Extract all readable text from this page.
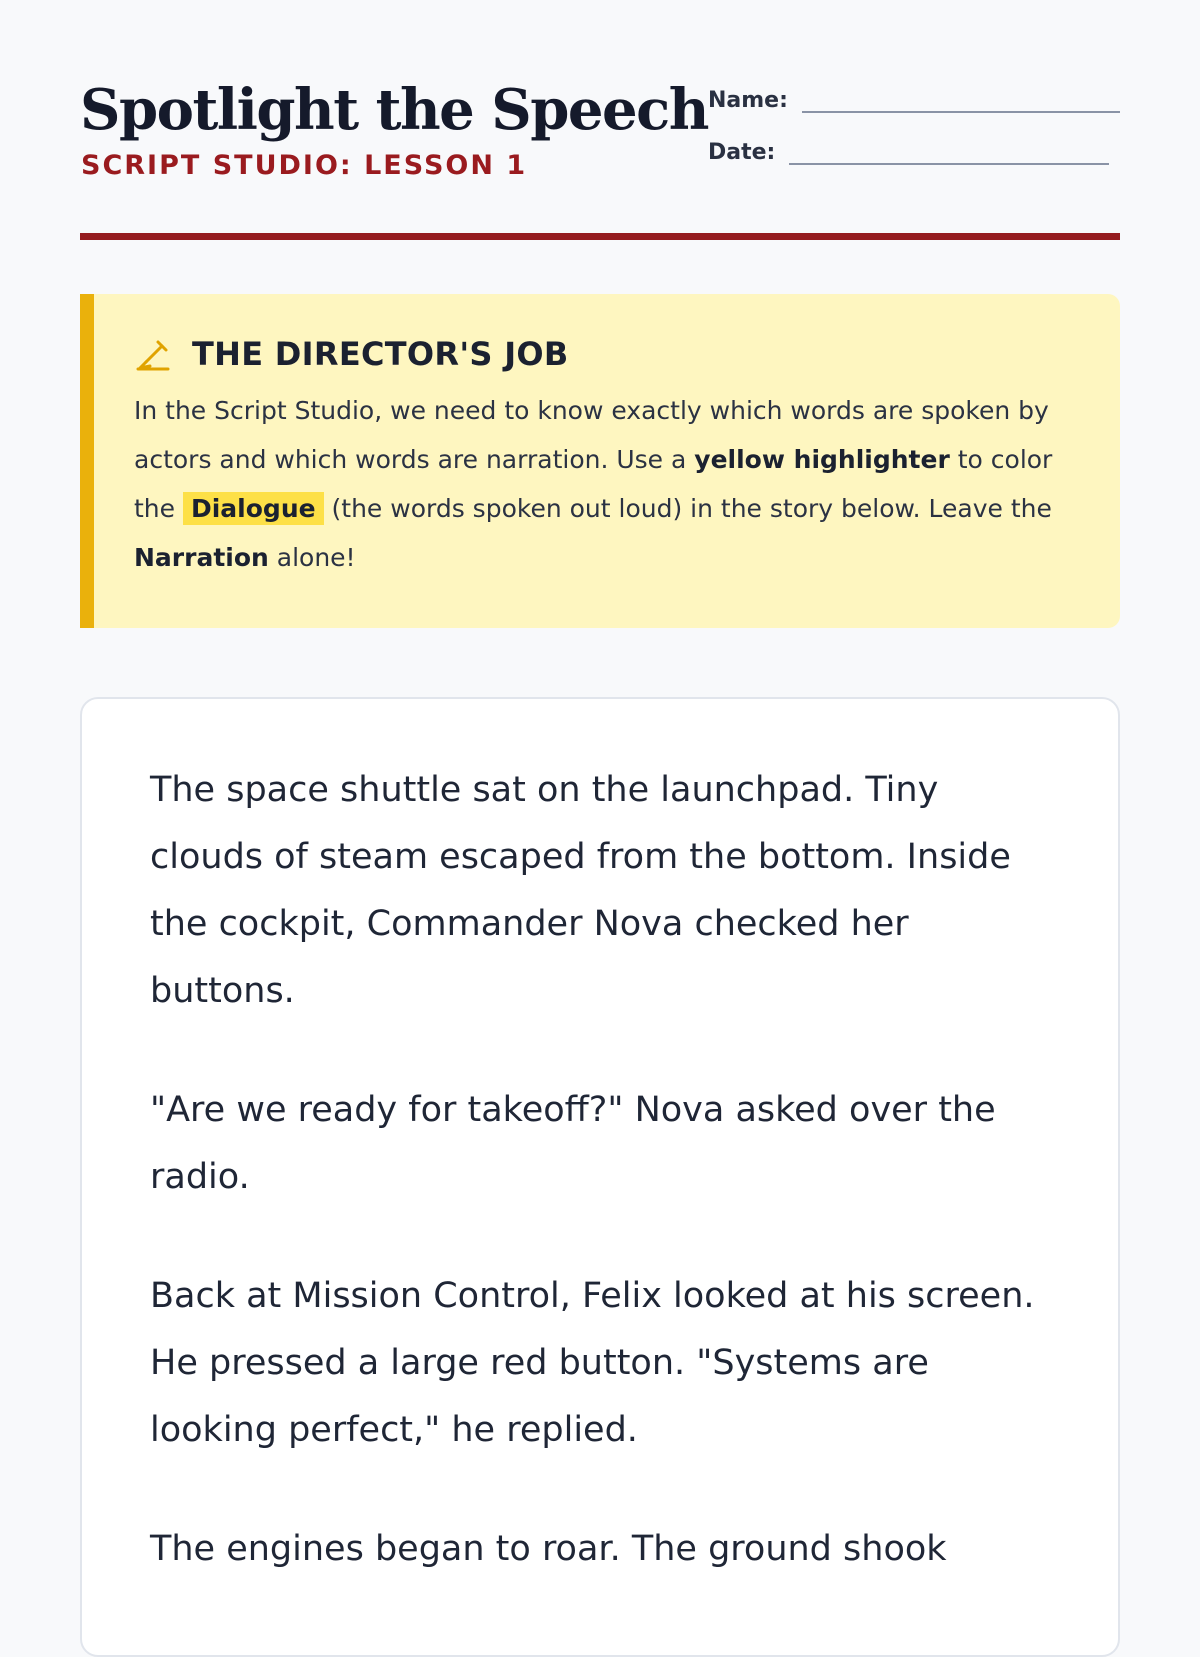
Spotlight the Speech
SCRIPT STUDIO: LESSON 1
Name:
Date:
THE DIRECTOR'S JOB
In the Script Studio, we need to know exactly which words are spoken by actors and which words are narration. Use a yellow highlighter to color the Dialogue (the words spoken out loud) in the story below. Leave the Narration alone!

The space shuttle sat on the launchpad. Tiny clouds of steam escaped from the bottom. Inside the cockpit, Commander Nova checked her buttons.

"Are we ready for takeoff?" Nova asked over the radio.

Back at Mission Control, Felix looked at his screen. He pressed a large red button. "Systems are looking perfect," he replied.

The engines began to roar. The ground shook
